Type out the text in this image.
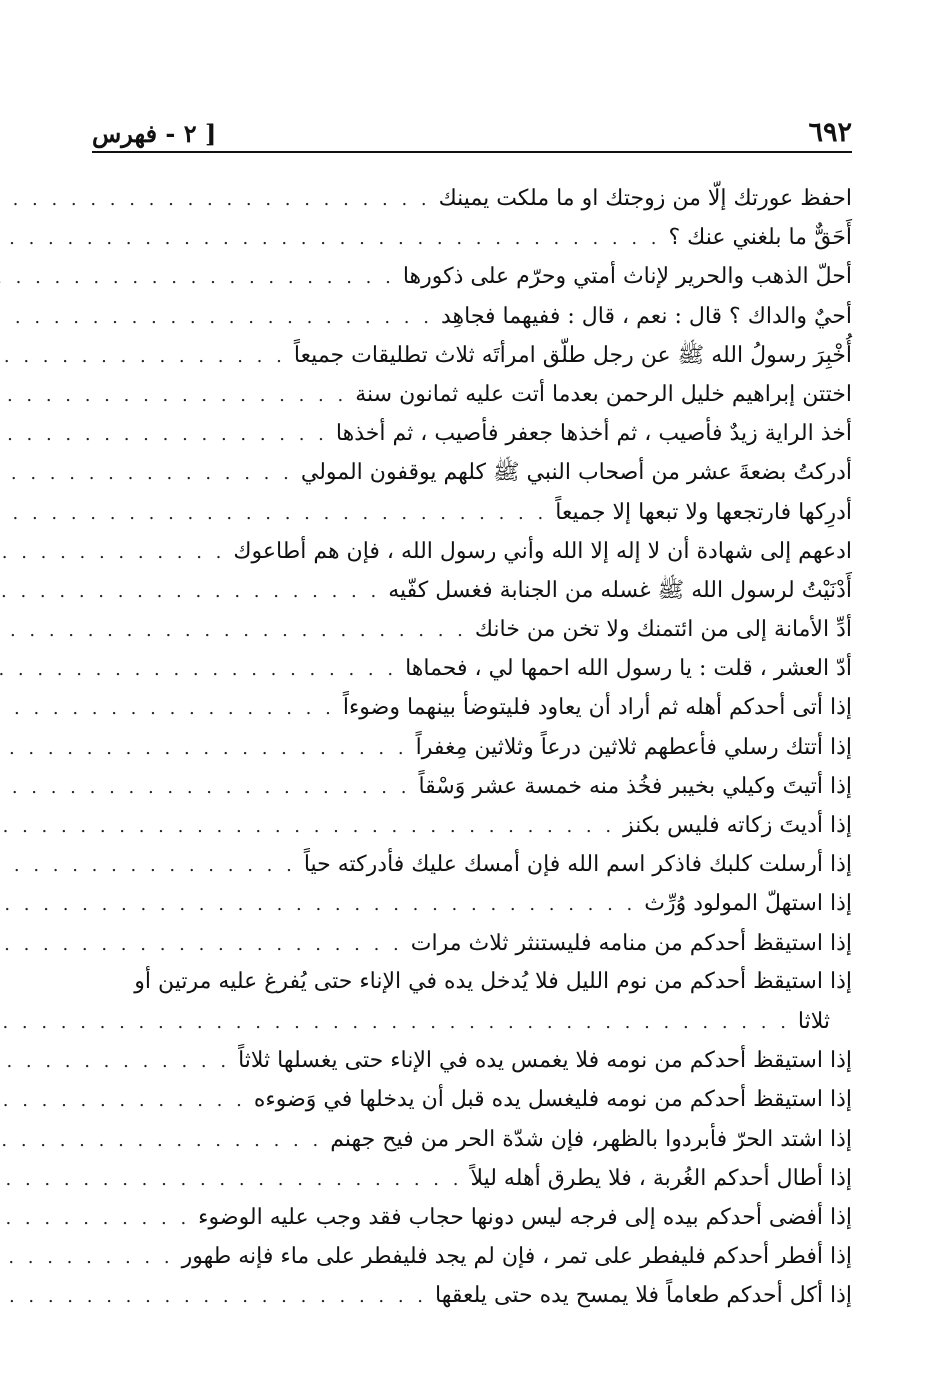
٦٩٢
[ ٢ - فهرس
احفظ عورتك إلّا من زوجتك او ما ملكت يمينك
. . .
أَحَقٌّ ما بلغني عنك ؟
. . .
أحلّ الذهب والحرير لإناث أمتي وحرّم على ذكورها
. . .
أحيٌ والداك ؟ قال : نعم ، قال : ففيهما فجاهِد
. . .
أُخْبِرَ رسولُ الله ﷺ عن رجل طلّق امرأتَه ثلاث تطليقات جميعاً
. . .
اختتن إبراهيم خليل الرحمن بعدما أتت عليه ثمانون سنة
. . .
أخذ الراية زيدٌ فأصيب ، ثم أخذها جعفر فأصيب ، ثم أخذها
. . .
أدركتُ بضعةَ عشر من أصحاب النبي ﷺ كلهم يوقفون المولي
. . .
أدرِكها فارتجعها ولا تبعها إلا جميعاً
. . .
ادعهم إلى شهادة أن لا إله إلا الله وأني رسول الله ، فإن هم أطاعوك
. . .
أَدْنَيْتُ لرسول الله ﷺ غسله من الجنابة فغسل كفّيه
. . .
أدِّ الأمانة إلى من ائتمنك ولا تخن من خانك
. . .
أدّ العشر ، قلت : يا رسول الله احمها لي ، فحماها
. . .
إذا أتى أحدكم أهله ثم أراد أن يعاود فليتوضأ بينهما وضوءاً
. . .
إذا أتتك رسلي فأعطهم ثلاثين درعاً وثلاثين مِغفراً
. . .
إذا أتيتَ وكيلي بخيبر فخُذ منه خمسة عشر وَسْقاً
. . .
إذا أديتَ زكاته فليس بكنز
. . .
إذا أرسلت كلبك فاذكر اسم الله فإن أمسك عليك فأدركته حياً
. . .
إذا استهلّ المولود وُرِّث
. . .
إذا استيقظ أحدكم من منامه فليستنثر ثلاث مرات
. . .
إذا استيقظ أحدكم من نوم الليل فلا يُدخل يده في الإناء حتى يُفرغ عليه مرتين أو
ثلاثا
. . .
إذا استيقظ أحدكم من نومه فلا يغمس يده في الإناء حتى يغسلها ثلاثاً
. . .
إذا استيقظ أحدكم من نومه فليغسل يده قبل أن يدخلها في وَضوءه
. . .
إذا اشتد الحرّ فأبردوا بالظهر، فإن شدّة الحر من فيح جهنم
. . .
إذا أطال أحدكم الغُربة ، فلا يطرق أهله ليلاً
. . .
إذا أفضى أحدكم بيده إلى فرجه ليس دونها حجاب فقد وجب عليه الوضوء
. . .
إذا أفطر أحدكم فليفطر على تمر ، فإن لم يجد فليفطر على ماء فإنه طهور
. . .
إذا أكل أحدكم طعاماً فلا يمسح يده حتى يلعقها
. . .
